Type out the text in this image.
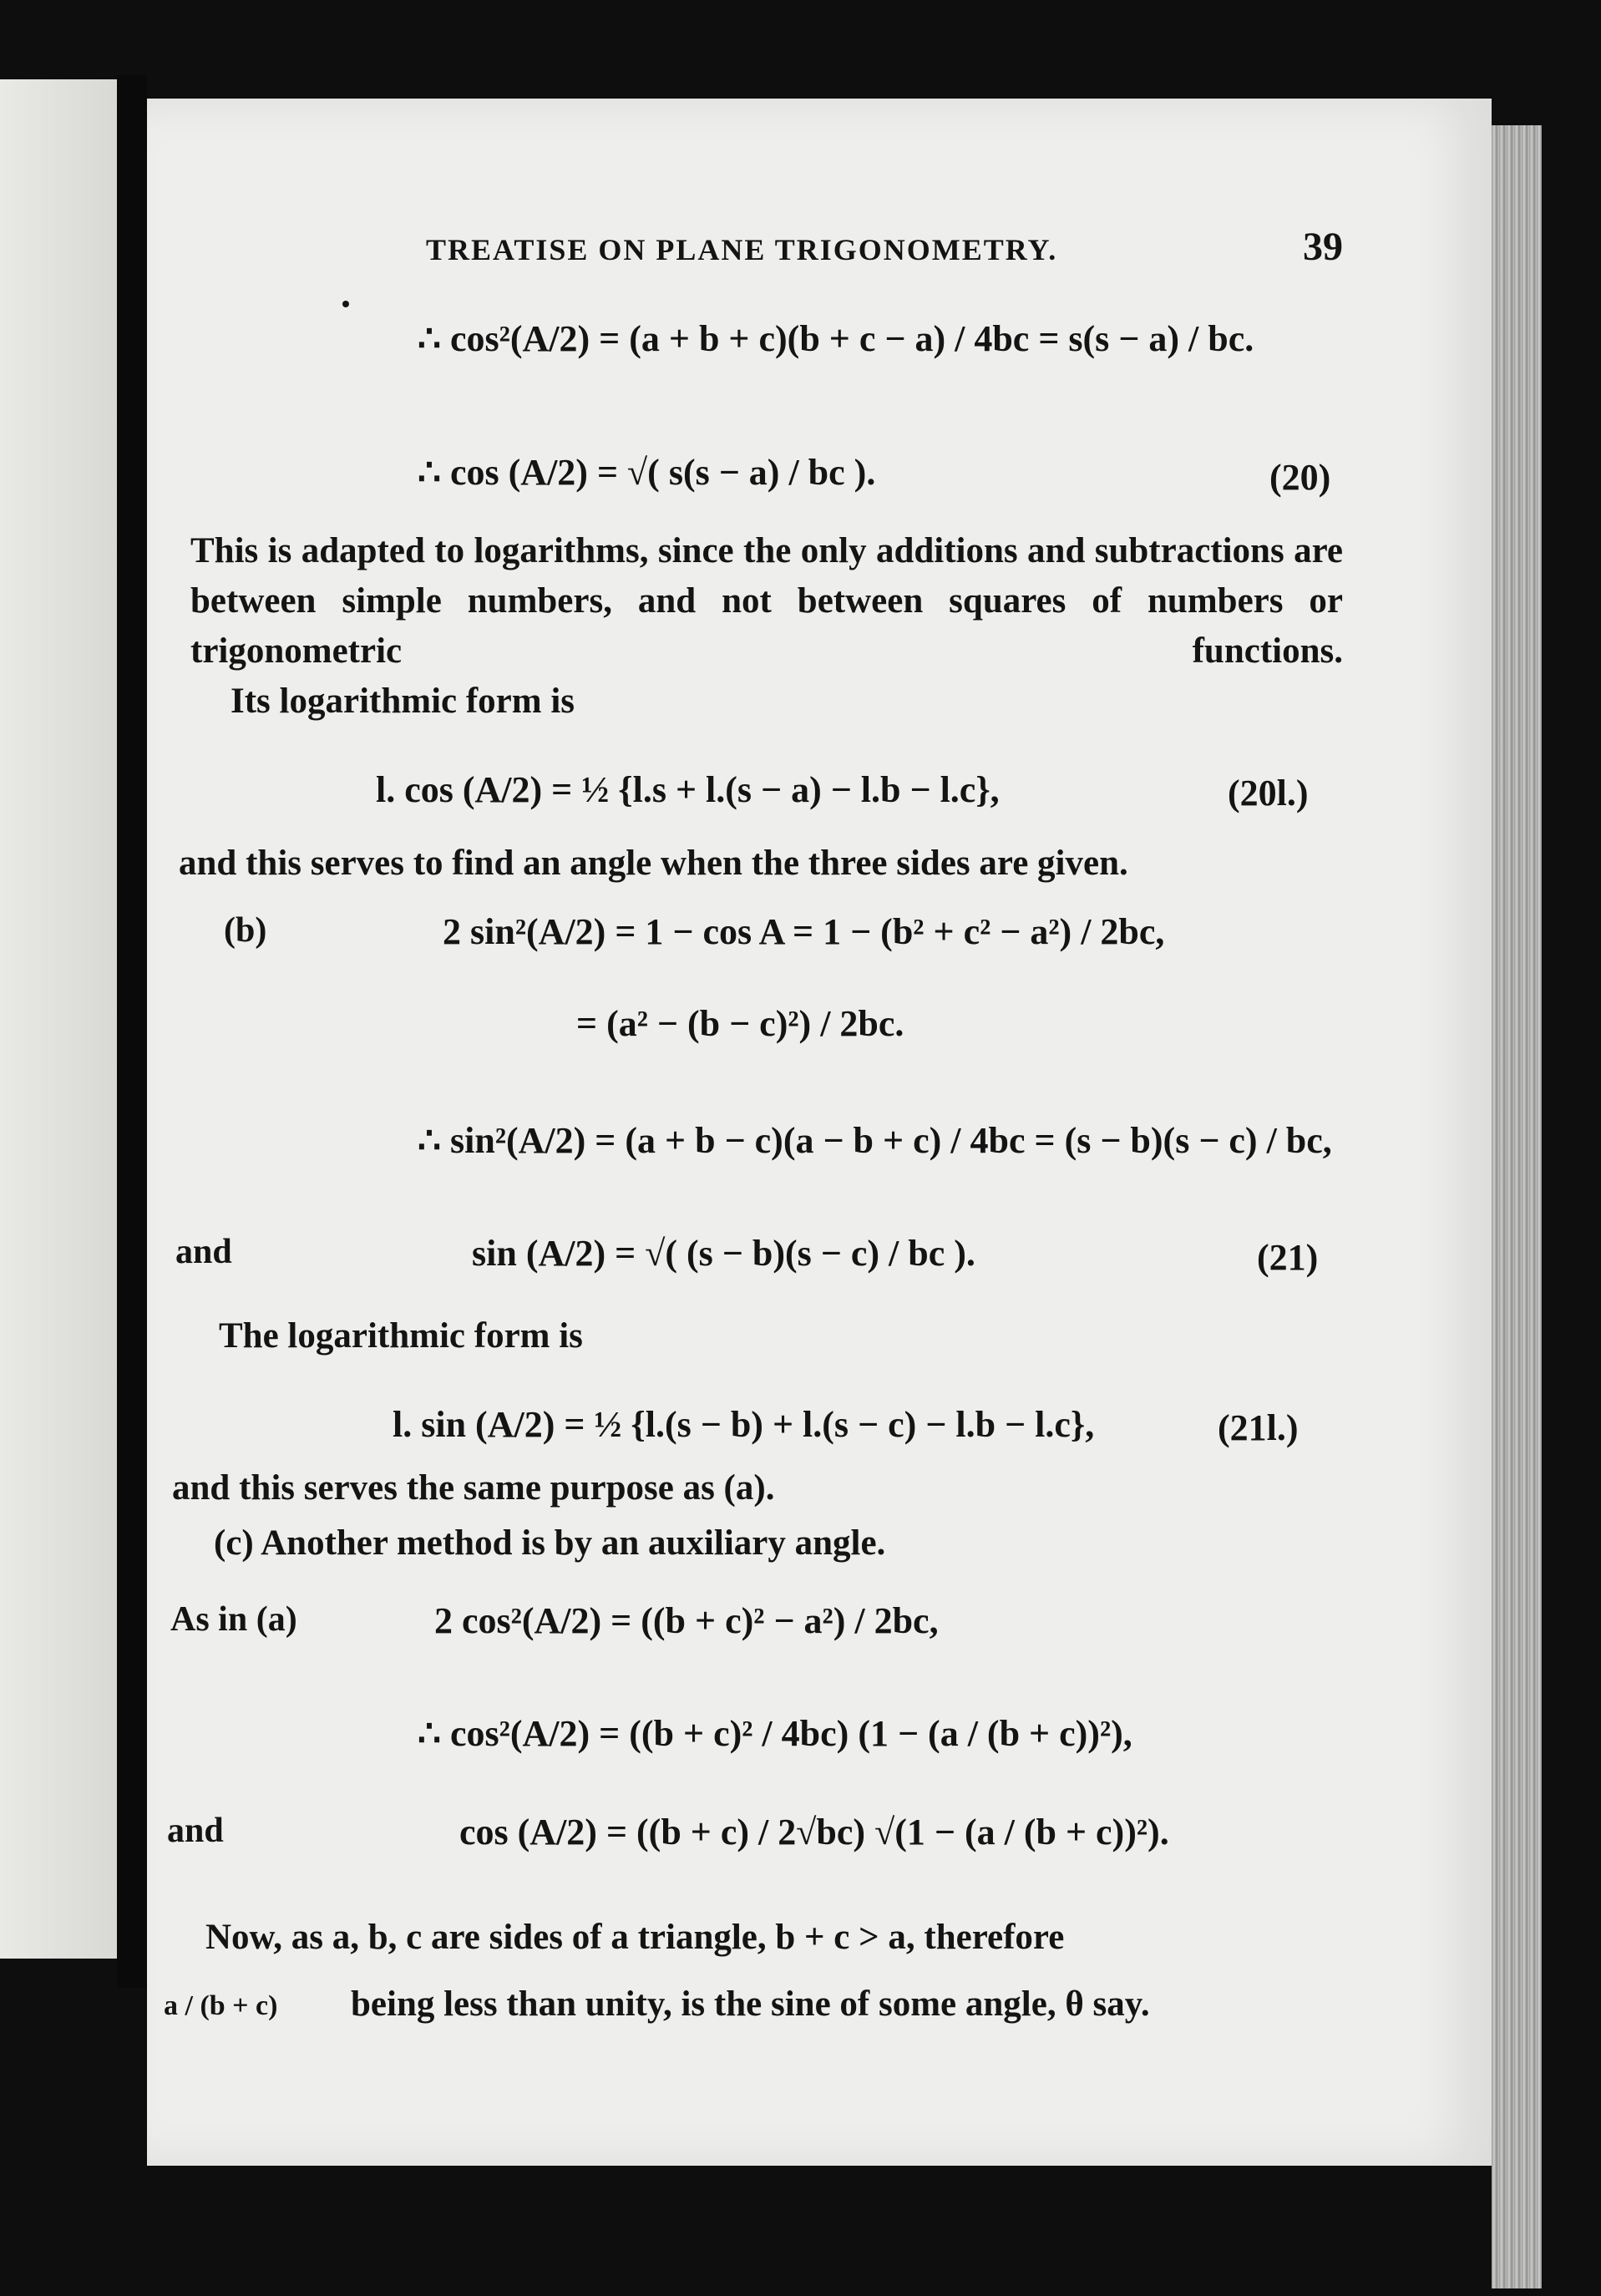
TREATISE ON PLANE TRIGONOMETRY.	39
∴ cos²(A/2) = (a + b + c)(b + c − a) / 4bc = s(s − a) / bc.
∴ cos (A/2) = √( s(s − a) / bc ).	(20)
This is adapted to logarithms, since the only additions and subtractions are between simple numbers, and not between squares of numbers or trigonometric functions.
Its logarithmic form is
l. cos (A/2) = ½ {l.s + l.(s − a) − l.b − l.c},	(20l.)
and this serves to find an angle when the three sides are given.
(b)	2 sin²(A/2) = 1 − cos A = 1 − (b² + c² − a²) / 2bc,
= (a² − (b − c)²) / 2bc.
∴ sin²(A/2) = (a + b − c)(a − b + c) / 4bc = (s − b)(s − c) / bc,
and	sin (A/2) = √( (s − b)(s − c) / bc ).	(21)
The logarithmic form is
l. sin (A/2) = ½ {l.(s − b) + l.(s − c) − l.b − l.c},	(21l.)
and this serves the same purpose as (a).
(c) Another method is by an auxiliary angle.
As in (a)	2 cos²(A/2) = ((b + c)² − a²) / 2bc,
∴ cos²(A/2) = ((b + c)² / 4bc) (1 − (a / (b + c))²),
and	cos (A/2) = ((b + c) / 2√bc) √(1 − (a / (b + c))²).
Now, as a, b, c are sides of a triangle, b + c > a, therefore
a / (b + c)	being less than unity, is the sine of some angle, θ say.
